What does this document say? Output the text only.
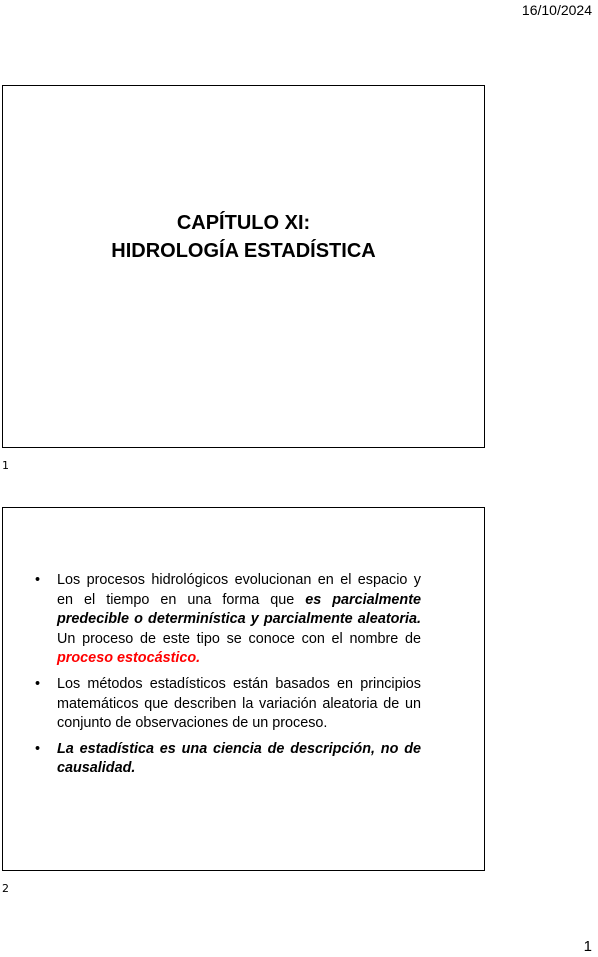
16/10/2024
CAPÍTULO XI:
HIDROLOGÍA ESTADÍSTICA
1
• Los procesos hidrológicos evolucionan en el espacio y en el tiempo en una forma que es parcialmente predecible o determinística y parcialmente aleatoria. Un proceso de este tipo se conoce con el nombre de proceso estocástico.
• Los métodos estadísticos están basados en principios matemáticos que describen la variación aleatoria de un conjunto de observaciones de un proceso.
• La estadística es una ciencia de descripción, no de causalidad.
2
1
